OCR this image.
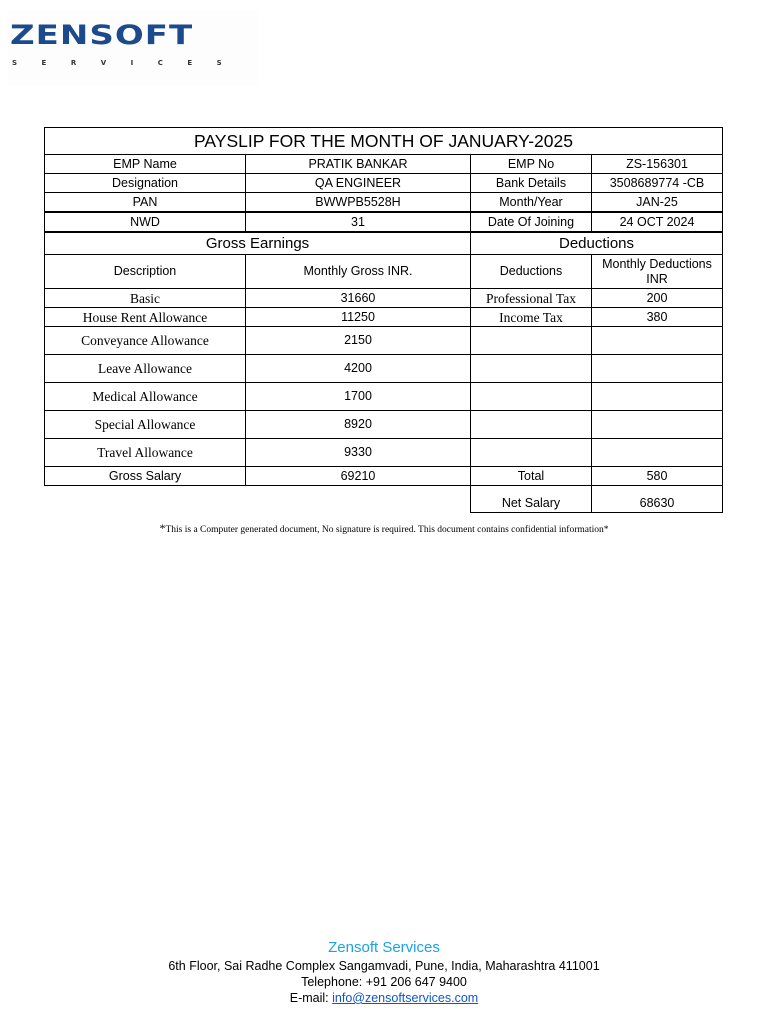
ZENSOFT
SERVICES
PAYSLIP FOR THE MONTH OF JANUARY-2025			
EMP Name	PRATIK BANKAR	EMP No	ZS-156301
Designation	QA ENGINEER	Bank Details	3508689774 -CB
PAN	BWWPB5528H	Month/Year	JAN-25
NWD	31	Date Of Joining	24 OCT 2024
Gross Earnings		Deductions	
Description	Monthly Gross INR.	Deductions	Monthly Deductions INR
Basic	31660	Professional Tax	200
House Rent Allowance	11250	Income Tax	380
Conveyance Allowance	2150		
Leave Allowance	4200		
Medical Allowance	1700		
Special Allowance	8920		
Travel Allowance	9330		
Gross Salary	69210	Total	580
		Net Salary	68630
*This is a Computer generated document, No signature is required. This document contains confidential information*
Zensoft Services
6th Floor, Sai Radhe Complex Sangamvadi, Pune, India, Maharashtra 411001
Telephone: +91 206 647 9400
E-mail: info@zensoftservices.com
